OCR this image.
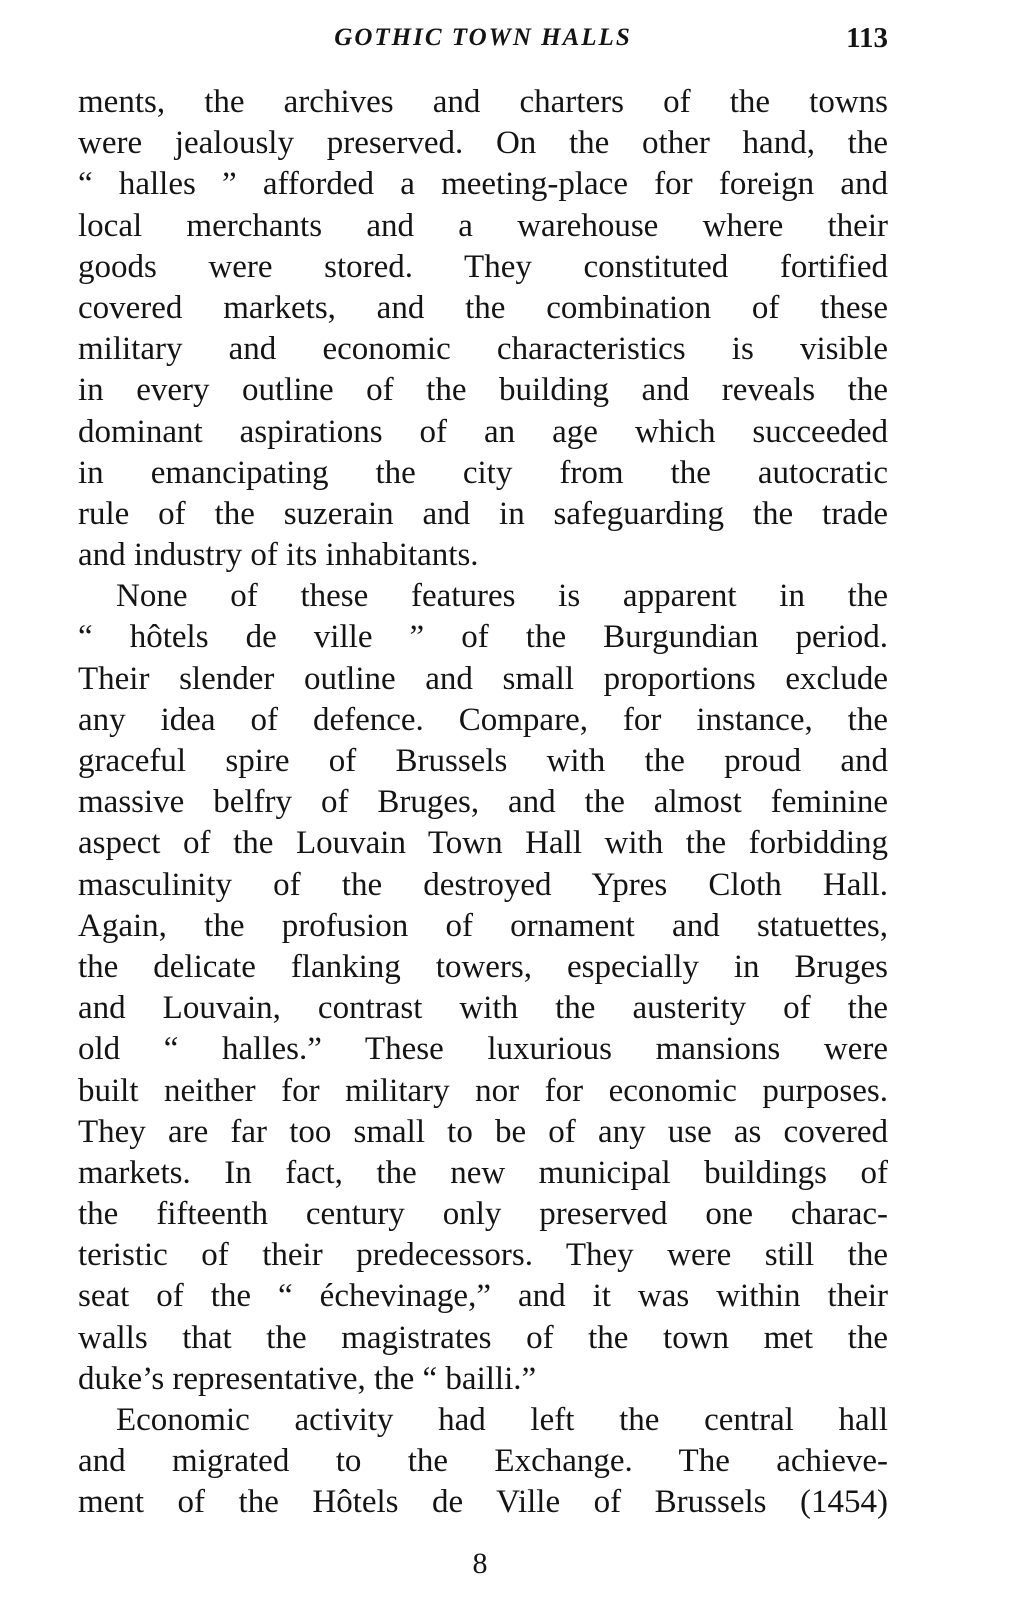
GOTHIC TOWN HALLS	113
ments, the archives and charters of the towns
were jealously preserved. On the other hand, the
“ halles ” afforded a meeting-place for foreign and
local merchants and a warehouse where their
goods were stored. They constituted fortified
covered markets, and the combination of these
military and economic characteristics is visible
in every outline of the building and reveals the
dominant aspirations of an age which succeeded
in emancipating the city from the autocratic
rule of the suzerain and in safeguarding the trade
and industry of its inhabitants.
None of these features is apparent in the
“ hôtels de ville ” of the Burgundian period.
Their slender outline and small proportions exclude
any idea of defence. Compare, for instance, the
graceful spire of Brussels with the proud and
massive belfry of Bruges, and the almost feminine
aspect of the Louvain Town Hall with the forbidding
masculinity of the destroyed Ypres Cloth Hall.
Again, the profusion of ornament and statuettes,
the delicate flanking towers, especially in Bruges
and Louvain, contrast with the austerity of the
old “ halles.” These luxurious mansions were
built neither for military nor for economic purposes.
They are far too small to be of any use as covered
markets. In fact, the new municipal buildings of
the fifteenth century only preserved one charac-
teristic of their predecessors. They were still the
seat of the “ échevinage,” and it was within their
walls that the magistrates of the town met the
duke’s representative, the “ bailli.”
Economic activity had left the central hall
and migrated to the Exchange. The achieve-
ment of the Hôtels de Ville of Brussels (1454)
8
